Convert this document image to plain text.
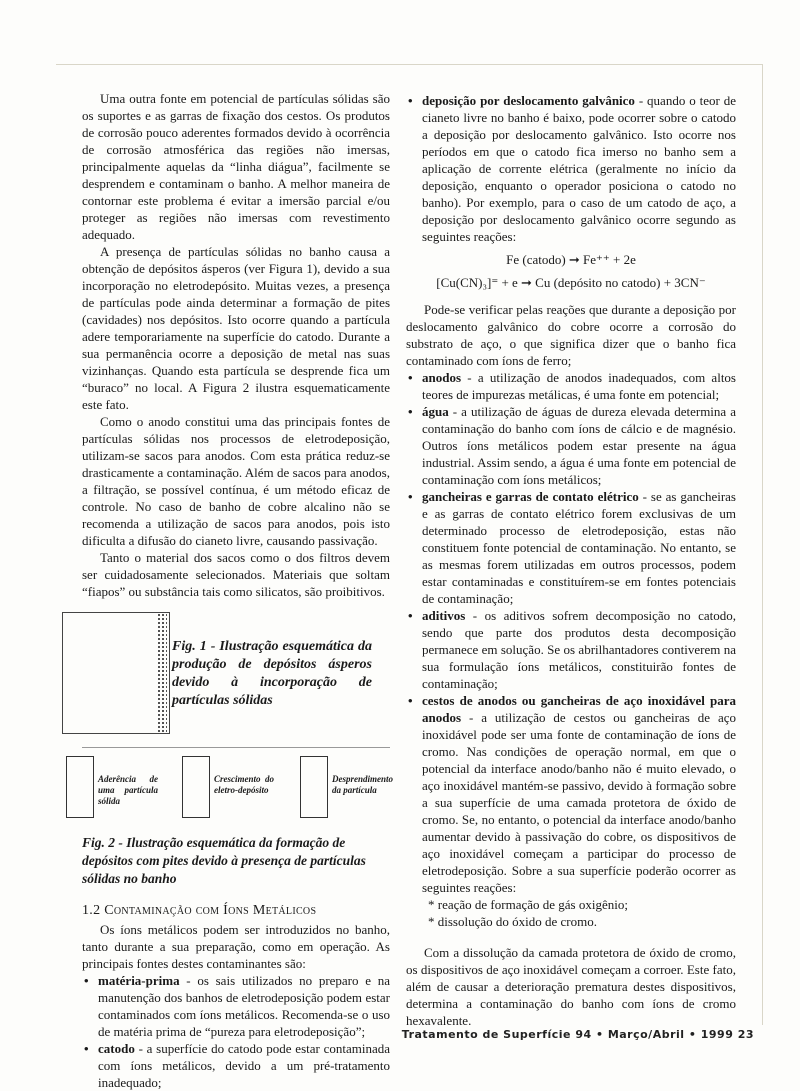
Uma outra fonte em potencial de partículas sólidas são os suportes e as garras de fixação dos cestos. Os produtos de corrosão pouco aderentes formados devido à ocorrência de corrosão atmosférica das regiões não imersas, principalmente aquelas da “linha diágua”, facilmente se desprendem e contaminam o banho. A melhor maneira de contornar este problema é evitar a imersão parcial e/ou proteger as regiões não imersas com revestimento adequado.

A presença de partículas sólidas no banho causa a obtenção de depósitos ásperos (ver Figura 1), devido a sua incorporação no eletrodepósito. Muitas vezes, a presença de partículas pode ainda determinar a formação de pites (cavidades) nos depósitos. Isto ocorre quando a partícula adere temporariamente na superfície do catodo. Durante a sua permanência ocorre a deposição de metal nas suas vizinhanças. Quando esta partícula se desprende fica um “buraco” no local. A Figura 2 ilustra esquematicamente este fato.

Como o anodo constitui uma das principais fontes de partículas sólidas nos processos de eletrodeposição, utilizam-se sacos para anodos. Com esta prática reduz-se drasticamente a contaminação. Além de sacos para anodos, a filtração, se possível contínua, é um método eficaz de controle. No caso de banho de cobre alcalino não se recomenda a utilização de sacos para anodos, pois isto dificulta a difusão do cianeto livre, causando passivação.

Tanto o material dos sacos como o dos filtros devem ser cuidadosamente selecionados. Materiais que soltam “fiapos” ou substância tais como silicatos, são proibitivos.

Fig. 1 - Ilustração esquemática da produção de depósitos ásperos devido à incorporação de partículas sólidas
Aderência de uma partícula sólida
Crescimento do eletro-depósito
Desprendimento da partícula
Fig. 2 - Ilustração esquemática da formação de depósitos com pites devido à presença de partículas sólidas no banho
1.2 Contaminação com Íons Metálicos

Os íons metálicos podem ser introduzidos no banho, tanto durante a sua preparação, como em operação. As principais fontes destes contaminantes são:

• matéria-prima - os sais utilizados no preparo e na manutenção dos banhos de eletrodeposição podem estar contaminados com íons metálicos. Recomenda-se o uso de matéria prima de “pureza para eletrodeposição”;
• catodo - a superfície do catodo pode estar contaminada com íons metálicos, devido a um pré-tratamento inadequado;
• deposição por deslocamento galvânico - quando o teor de cianeto livre no banho é baixo, pode ocorrer sobre o catodo a deposição por deslocamento galvânico. Isto ocorre nos períodos em que o catodo fica imerso no banho sem a aplicação de corrente elétrica (geralmente no início da deposição, enquanto o operador posiciona o catodo no banho). Por exemplo, para o caso de um catodo de aço, a deposição por deslocamento galvânico ocorre segundo as seguintes reações:
Fe (catodo) ➞ Fe⁺⁺ + 2e
[Cu(CN)₃]⁼ + e ➞ Cu (depósito no catodo) + 3CN⁻

Pode-se verificar pelas reações que durante a deposição por deslocamento galvânico do cobre ocorre a corrosão do substrato de aço, o que significa dizer que o banho fica contaminado com íons de ferro;

• anodos - a utilização de anodos inadequados, com altos teores de impurezas metálicas, é uma fonte em potencial;
• água - a utilização de águas de dureza elevada determina a contaminação do banho com íons de cálcio e de magnésio. Outros íons metálicos podem estar presente na água industrial. Assim sendo, a água é uma fonte em potencial de contaminação com íons metálicos;
• gancheiras e garras de contato elétrico - se as gancheiras e as garras de contato elétrico forem exclusivas de um determinado processo de eletrodeposição, estas não constituem fonte potencial de contaminação. No entanto, se as mesmas forem utilizadas em outros processos, podem estar contaminadas e constituírem-se em fontes potenciais de contaminação;
• aditivos - os aditivos sofrem decomposição no catodo, sendo que parte dos produtos desta decomposição permanece em solução. Se os abrilhantadores contiverem na sua formulação íons metálicos, constituirão fontes de contaminação;
• cestos de anodos ou gancheiras de aço inoxidável para anodos - a utilização de cestos ou gancheiras de aço inoxidável pode ser uma fonte de contaminação de íons de cromo. Nas condições de operação normal, em que o potencial da interface anodo/banho não é muito elevado, o aço inoxidável mantém-se passivo, devido à formação sobre a sua superfície de uma camada protetora de óxido de cromo. Se, no entanto, o potencial da interface anodo/banho aumentar devido à passivação do cobre, os dispositivos de aço inoxidável começam a participar do processo de eletrodeposição. Sobre a sua superfície poderão ocorrer as seguintes reações:
* reação de formação de gás oxigênio;
* dissolução do óxido de cromo.

Com a dissolução da camada protetora de óxido de cromo, os dispositivos de aço inoxidável começam a corroer. Este fato, além de causar a deterioração prematura destes dispositivos, determina a contaminação do banho com íons de cromo hexavalente.

Tratamento de Superfície 94 • Março/Abril • 1999 23
